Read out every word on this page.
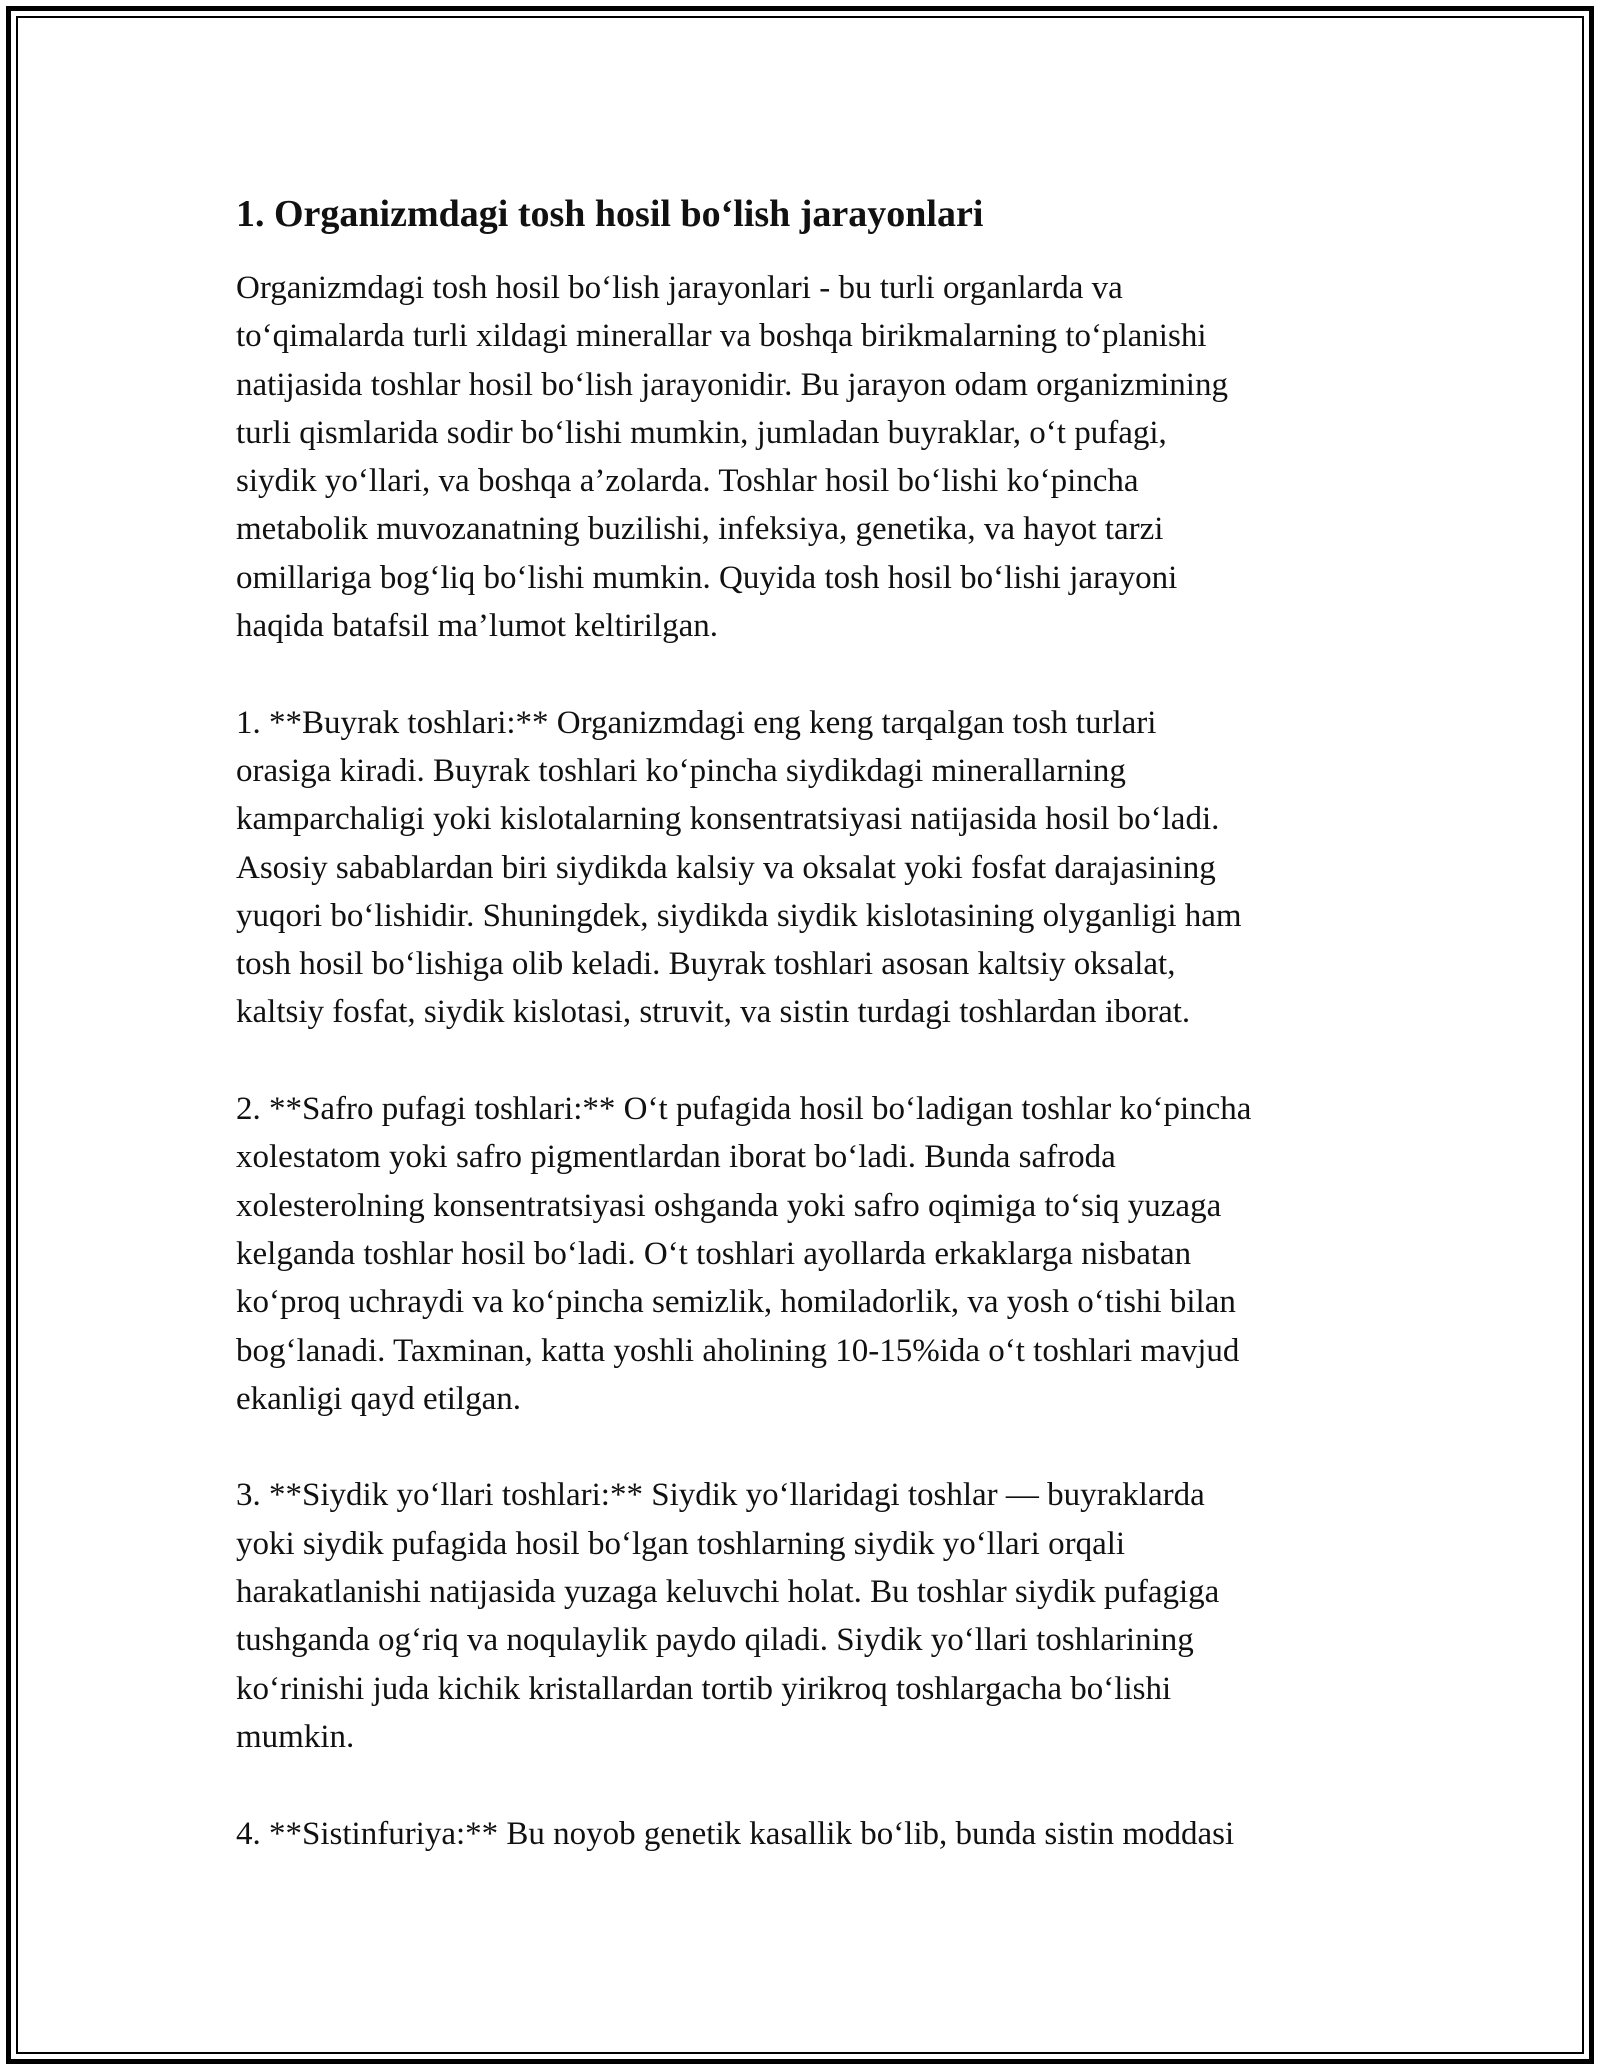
1. Organizmdagi tosh hosil bo‘lish jarayonlari

Organizmdagi tosh hosil bo‘lish jarayonlari - bu turli organlarda va
to‘qimalarda turli xildagi minerallar va boshqa birikmalarning to‘planishi
natijasida toshlar hosil bo‘lish jarayonidir. Bu jarayon odam organizmining
turli qismlarida sodir bo‘lishi mumkin, jumladan buyraklar, o‘t pufagi,
siydik yo‘llari, va boshqa a’zolarda. Toshlar hosil bo‘lishi ko‘pincha
metabolik muvozanatning buzilishi, infeksiya, genetika, va hayot tarzi
omillariga bog‘liq bo‘lishi mumkin. Quyida tosh hosil bo‘lishi jarayoni
haqida batafsil ma’lumot keltirilgan.

1. **Buyrak toshlari:** Organizmdagi eng keng tarqalgan tosh turlari
orasiga kiradi. Buyrak toshlari ko‘pincha siydikdagi minerallarning
kamparchaligi yoki kislotalarning konsentratsiyasi natijasida hosil bo‘ladi.
Asosiy sabablardan biri siydikda kalsiy va oksalat yoki fosfat darajasining
yuqori bo‘lishidir. Shuningdek, siydikda siydik kislotasining olyganligi ham
tosh hosil bo‘lishiga olib keladi. Buyrak toshlari asosan kaltsiy oksalat,
kaltsiy fosfat, siydik kislotasi, struvit, va sistin turdagi toshlardan iborat.

2. **Safro pufagi toshlari:** O‘t pufagida hosil bo‘ladigan toshlar ko‘pincha
xolestatom yoki safro pigmentlardan iborat bo‘ladi. Bunda safroda
xolesterolning konsentratsiyasi oshganda yoki safro oqimiga to‘siq yuzaga
kelganda toshlar hosil bo‘ladi. O‘t toshlari ayollarda erkaklarga nisbatan
ko‘proq uchraydi va ko‘pincha semizlik, homiladorlik, va yosh o‘tishi bilan
bog‘lanadi. Taxminan, katta yoshli aholining 10-15%ida o‘t toshlari mavjud
ekanligi qayd etilgan.

3. **Siydik yo‘llari toshlari:** Siydik yo‘llaridagi toshlar — buyraklarda
yoki siydik pufagida hosil bo‘lgan toshlarning siydik yo‘llari orqali
harakatlanishi natijasida yuzaga keluvchi holat. Bu toshlar siydik pufagiga
tushganda og‘riq va noqulaylik paydo qiladi. Siydik yo‘llari toshlarining
ko‘rinishi juda kichik kristallardan tortib yirikroq toshlargacha bo‘lishi
mumkin.

4. **Sistinfuriya:** Bu noyob genetik kasallik bo‘lib, bunda sistin moddasi
